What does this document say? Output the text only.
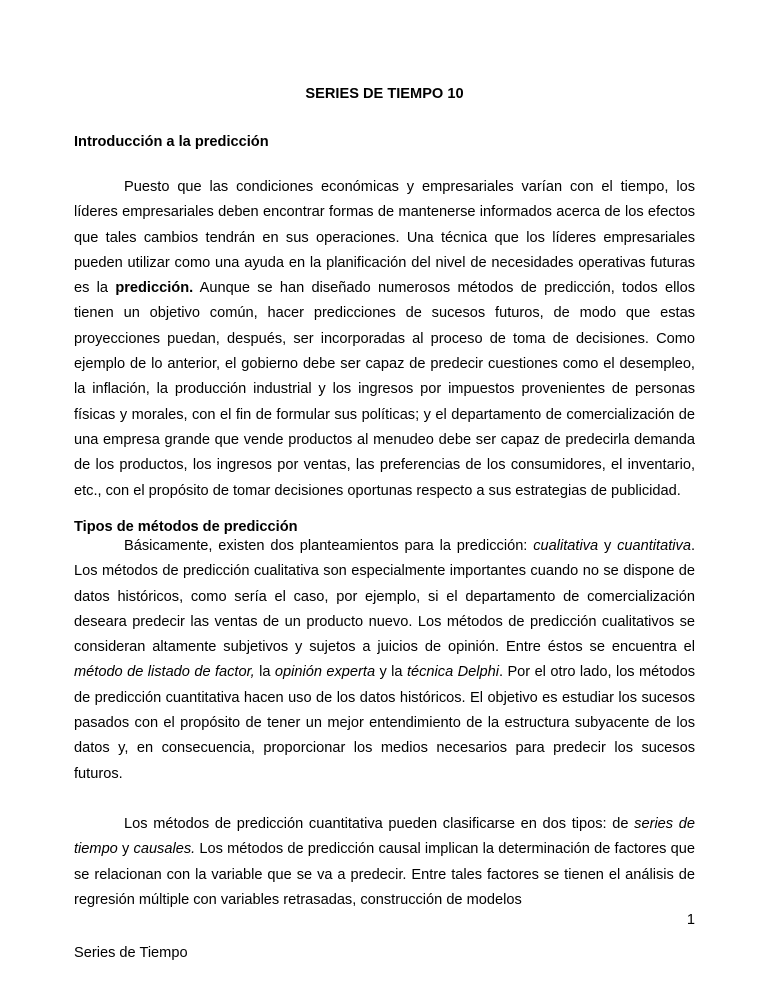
SERIES DE TIEMPO 10
Introducción a la predicción

Puesto que las condiciones económicas y empresariales varían con el tiempo, los líderes empresariales deben encontrar formas de mantenerse informados acerca de los efectos que tales cambios tendrán en sus operaciones. Una técnica que los líderes empresariales pueden utilizar como una ayuda en la planificación del nivel de necesidades operativas futuras es la predicción. Aunque se han diseñado numerosos métodos de predicción, todos ellos tienen un objetivo común, hacer predicciones de sucesos futuros, de modo que estas proyecciones puedan, después, ser incorporadas al proceso de toma de decisiones. Como ejemplo de lo anterior, el gobierno debe ser capaz de predecir cuestiones como el desempleo, la inflación, la producción industrial y los ingresos por impuestos provenientes de personas físicas y morales, con el fin de formular sus políticas; y el departamento de comercialización de una empresa grande que vende productos al menudeo debe ser capaz de predecirla demanda de los productos, los ingresos por ventas, las preferencias de los consumidores, el inventario, etc., con el propósito de tomar decisiones oportunas respecto a sus estrategias de publicidad.

Tipos de métodos de predicción

Básicamente, existen dos planteamientos para la predicción: cualitativa y cuantitativa. Los métodos de predicción cualitativa son especialmente importantes cuando no se dispone de datos históricos, como sería el caso, por ejemplo, si el departamento de comercialización deseara predecir las ventas de un producto nuevo. Los métodos de predicción cualitativos se consideran altamente subjetivos y sujetos a juicios de opinión. Entre éstos se encuentra el método de listado de factor, la opinión experta y la técnica Delphi. Por el otro lado, los métodos de predicción cuantitativa hacen uso de los datos históricos. El objetivo es estudiar los sucesos pasados con el propósito de tener un mejor entendimiento de la estructura subyacente de los datos y, en consecuencia, proporcionar los medios necesarios para predecir los sucesos futuros.

Los métodos de predicción cuantitativa pueden clasificarse en dos tipos: de series de tiempo y causales. Los métodos de predicción causal implican la determinación de factores que se relacionan con la variable que se va a predecir. Entre tales factores se tienen el análisis de regresión múltiple con variables retrasadas, construcción de modelos

1
Series de Tiempo
